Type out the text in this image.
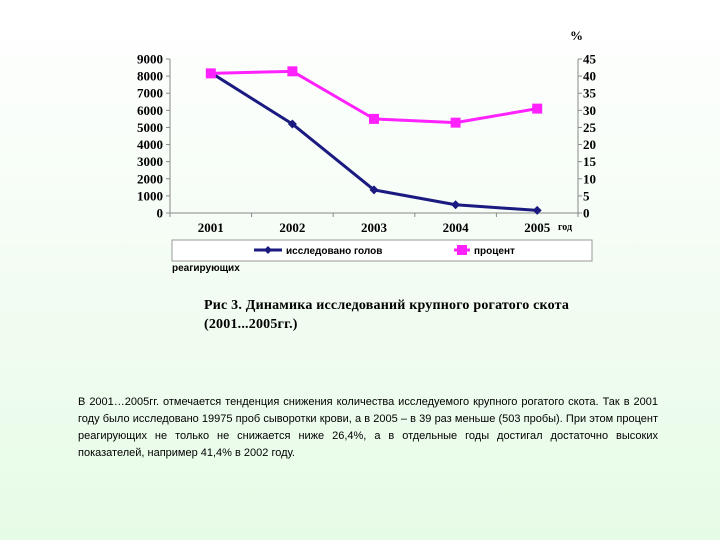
0
1000
2000
3000
4000
5000
6000
7000
8000
9000
0
5
10
15
20
25
30
35
40
45
%
2001	2002	2003	2004	2005 год
исследовано голов	процент
реагирующих
Рис 3. Динамика исследований крупного рогатого скота
(2001...2005гг.)

В 2001…2005гг. отмечается тенденция снижения количества исследуемого крупного рогатого скота. Так в 2001 году было исследовано 19975 проб сыворотки крови, а в 2005 – в 39 раз меньше (503 пробы). При этом процент реагирующих не только не снижается ниже 26,4%, а в отдельные годы достигал достаточно высоких показателей, например 41,4% в 2002 году.
